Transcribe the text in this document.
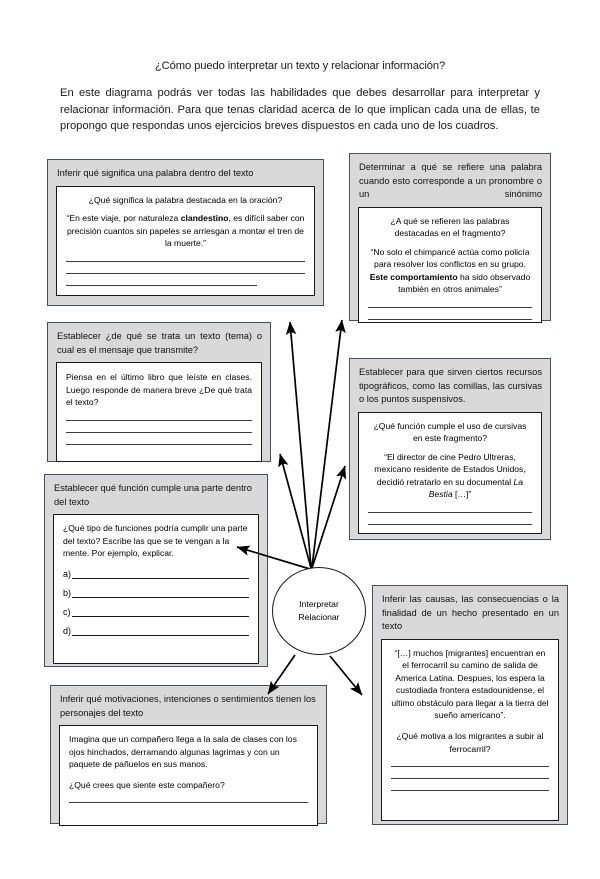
¿Cómo puedo interpretar un texto y relacionar información?
En este diagrama podrás ver todas las habilidades que debes desarrollar para interpretar y relacionar información. Para que tenas claridad acerca de lo que implican cada una de ellas, te propongo que respondas unos ejercicios breves dispuestos en cada uno de los cuadros.
Inferir qué significa una palabra dentro del texto
¿Qué significa la palabra destacada en la oración?
“En este viaje, por naturaleza clandestino, es difícil saber con precisión cuantos sin papeles se arriesgan a montar el tren de la muerte.”
Determinar a qué se refiere una palabra cuando esto corresponde a un pronombre o un sinónimo
¿A qué se refieren las palabras destacadas en el fragmento?
“No solo el chimpancé actúa como policía para resolver los conflictos en su grupo. Este comportamiento ha sido observado también en otros animales”
Establecer ¿de qué se trata un texto (tema) o cual es el mensaje que transmite?
Piensa en el último libro que leíste en clases. Luego responde de manera breve ¿De qué trata el texto?
Establecer para que sirven ciertos recursos tipográficos, como las comillas, las cursivas o los puntos suspensivos.
¿Qué función cumple el uso de cursivas en este fragmento?
“El director de cine Pedro Ultreras, mexicano residente de Estados Unidos, decidió retratarlo en su documental La Bestia […]”
Establecer qué función cumple una parte dentro del texto
¿Qué tipo de funciones podría cumplir una parte del texto? Escribe las que se te vengan a la mente. Por ejemplo, explicar.
a)
b)
c)
d)
Interpretar
Relacionar
Inferir las causas, las consecuencias o la finalidad de un hecho presentado en un texto
“[…] muchos [migrantes] encuentran en el ferrocarril su camino de salida de America Latina. Despues, los espera la custodiada frontera estadounidense, el ultimo obstáculo para llegar a la tierra del sueño americano”.
¿Qué motiva a los migrantes a subir al ferrocarril?
Inferir qué motivaciones, intenciones o sentimientos tienen los personajes del texto
Imagina que un compañero llega a la sala de clases con los ojos hinchados, derramando algunas lagrimas y con un paquete de pañuelos en sus manos.
¿Qué crees que siente este compañero?
